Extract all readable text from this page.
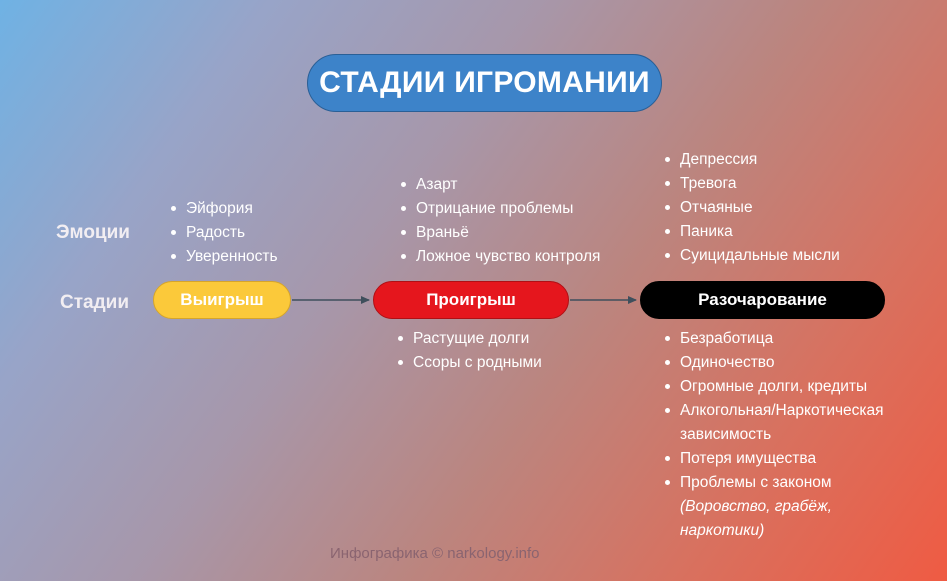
СТАДИИ ИГРОМАНИИ
Эмоции
Стадии
Эйфория
Радость
Уверенность
Азарт
Отрицание проблемы
Враньё
Ложное чувство контроля
Депрессия
Тревога
Отчаяные
Паника
Суицидальные мысли
Выигрыш	Проигрыш	Разочарование
Растущие долги
Ссоры с родными
Безработица
Одиночество
Огромные долги, кредиты
Алкогольная/Наркотическая
зависимость
Потеря имущества
Проблемы с законом
(Воровство, грабёж,
наркотики)
Инфографика © narkology.info
